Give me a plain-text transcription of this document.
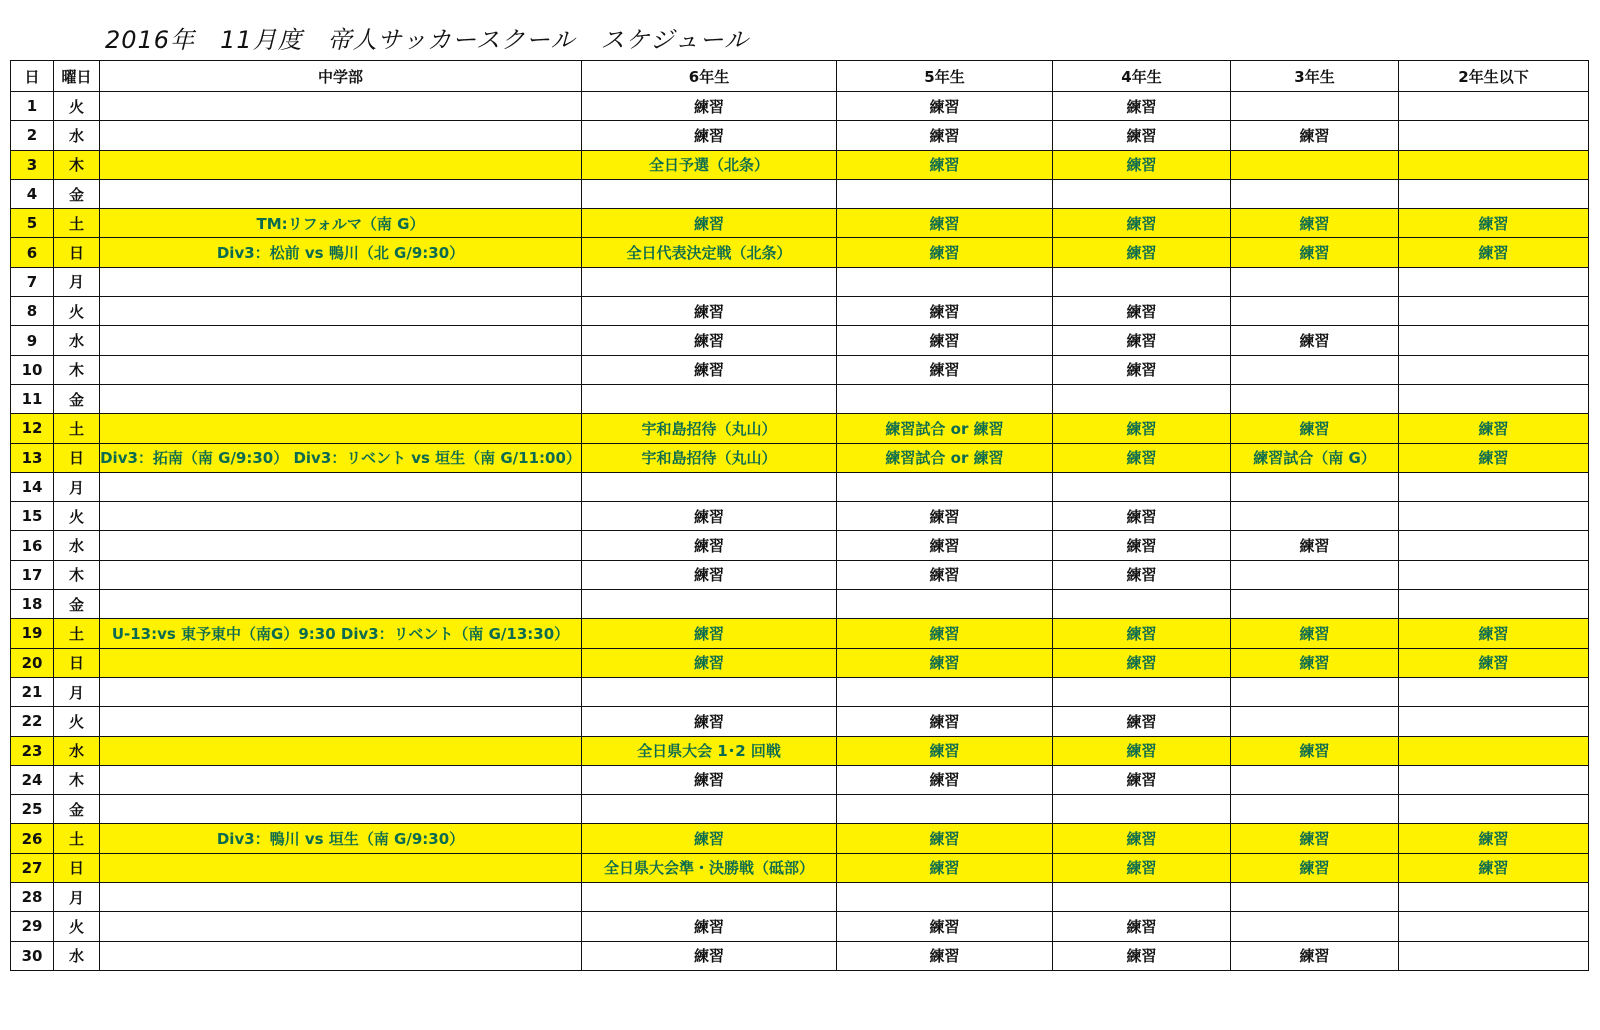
2016年　11月度　帝人サッカースクール　スケジュール
日	曜日	中学部	6年生	5年生	4年生	3年生	2年生以下
1	火		練習	練習	練習		
2	水		練習	練習	練習	練習	
3	木		全日予選（北条）	練習	練習		
4	金						
5	土	TM:リフォルマ（南 G）	練習	練習	練習	練習	練習
6	日	Div3：松前 vs 鴨川（北 G/9:30）	全日代表決定戦（北条）	練習	練習	練習	練習
7	月						
8	火		練習	練習	練習		
9	水		練習	練習	練習	練習	
10	木		練習	練習	練習		
11	金						
12	土		宇和島招待（丸山）	練習試合 or 練習	練習	練習	練習
13	日	Div3：拓南（南 G/9:30） Div3：リベント vs 垣生（南 G/11:00）	宇和島招待（丸山）	練習試合 or 練習	練習	練習試合（南 G）	練習
14	月						
15	火		練習	練習	練習		
16	水		練習	練習	練習	練習	
17	木		練習	練習	練習		
18	金						
19	土	U-13:vs 東予東中（南G）9:30 Div3：リベント（南 G/13:30）	練習	練習	練習	練習	練習
20	日		練習	練習	練習	練習	練習
21	月						
22	火		練習	練習	練習		
23	水		全日県大会 1･2 回戦	練習	練習	練習	
24	木		練習	練習	練習		
25	金						
26	土	Div3：鴨川 vs 垣生（南 G/9:30）	練習	練習	練習	練習	練習
27	日		全日県大会準・決勝戦（砥部）	練習	練習	練習	練習
28	月						
29	火		練習	練習	練習		
30	水		練習	練習	練習	練習	
